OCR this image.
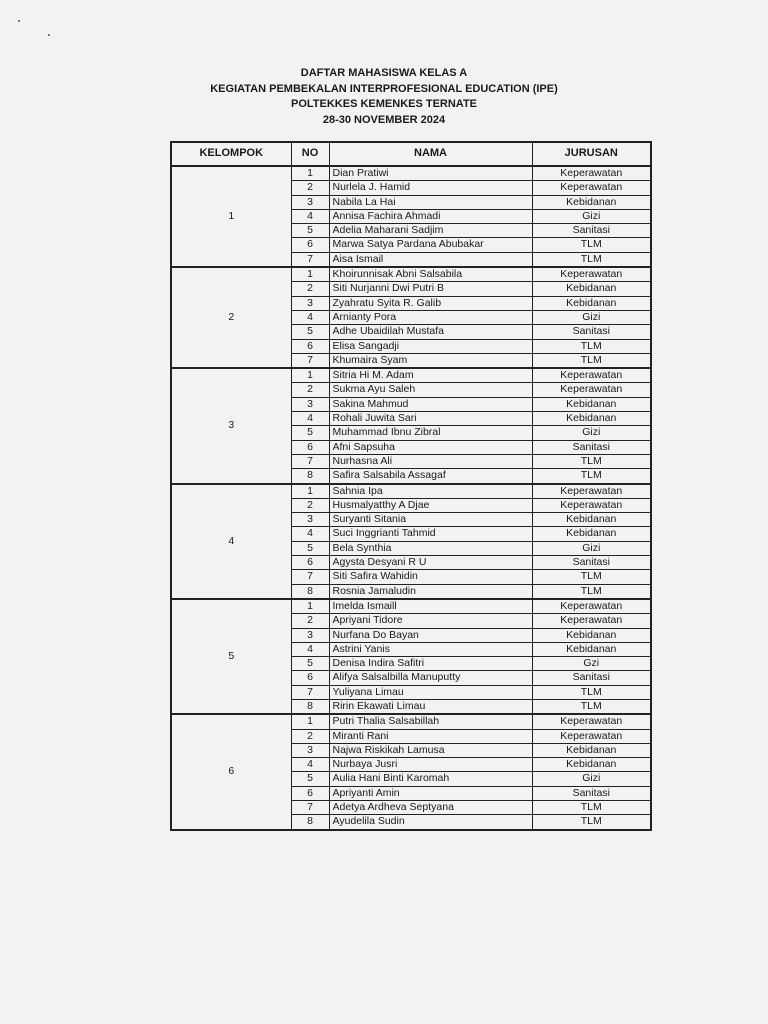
DAFTAR MAHASISWA KELAS A
KEGIATAN PEMBEKALAN INTERPROFESIONAL EDUCATION (IPE)
POLTEKKES KEMENKES TERNATE
28-30 NOVEMBER 2024
KELOMPOK	NO	NAMA	JURUSAN
1	1	Dian Pratiwi	Keperawatan
	2	Nurlela J. Hamid	Keperawatan
	3	Nabila La Hai	Kebidanan
	4	Annisa Fachira Ahmadi	Gizi
	5	Adelia Maharani Sadjim	Sanitasi
	6	Marwa Satya Pardana Abubakar	TLM
	7	Aisa Ismail	TLM
2	1	Khoirunnisak Abni Salsabila	Keperawatan
	2	Siti Nurjanni Dwi Putri B	Kebidanan
	3	Zyahratu Syita R. Galib	Kebidanan
	4	Arnianty Pora	Gizi
	5	Adhe Ubaidilah Mustafa	Sanitasi
	6	Elisa Sangadji	TLM
	7	Khumaira Syam	TLM
3	1	Sitria Hi M. Adam	Keperawatan
	2	Sukma Ayu Saleh	Keperawatan
	3	Sakina Mahmud	Kebidanan
	4	Rohali Juwita Sari	Kebidanan
	5	Muhammad Ibnu Zibral	Gizi
	6	Afni Sapsuha	Sanitasi
	7	Nurhasna Ali	TLM
	8	Safira Salsabila Assagaf	TLM
4	1	Sahnia Ipa	Keperawatan
	2	Husmalyatthy A Djae	Keperawatan
	3	Suryanti Sitania	Kebidanan
	4	Suci Inggrianti Tahmid	Kebidanan
	5	Bela Synthia	Gizi
	6	Agysta Desyani R U	Sanitasi
	7	Siti Safira Wahidin	TLM
	8	Rosnia Jamaludin	TLM
5	1	Imelda Ismaill	Keperawatan
	2	Apriyani Tidore	Keperawatan
	3	Nurfana Do Bayan	Kebidanan
	4	Astrini Yanis	Kebidanan
	5	Denisa Indira Safitri	Gzi
	6	Alifya Salsalbilla Manuputty	Sanitasi
	7	Yuliyana Limau	TLM
	8	Ririn Ekawati Limau	TLM
6	1	Putri Thalia Salsabillah	Keperawatan
	2	Miranti Rani	Keperawatan
	3	Najwa Riskikah Lamusa	Kebidanan
	4	Nurbaya Jusri	Kebidanan
	5	Aulia Hani Binti Karomah	Gizi
	6	Apriyanti Amin	Sanitasi
	7	Adetya Ardheva Septyana	TLM
	8	Ayudelila Sudin	TLM
